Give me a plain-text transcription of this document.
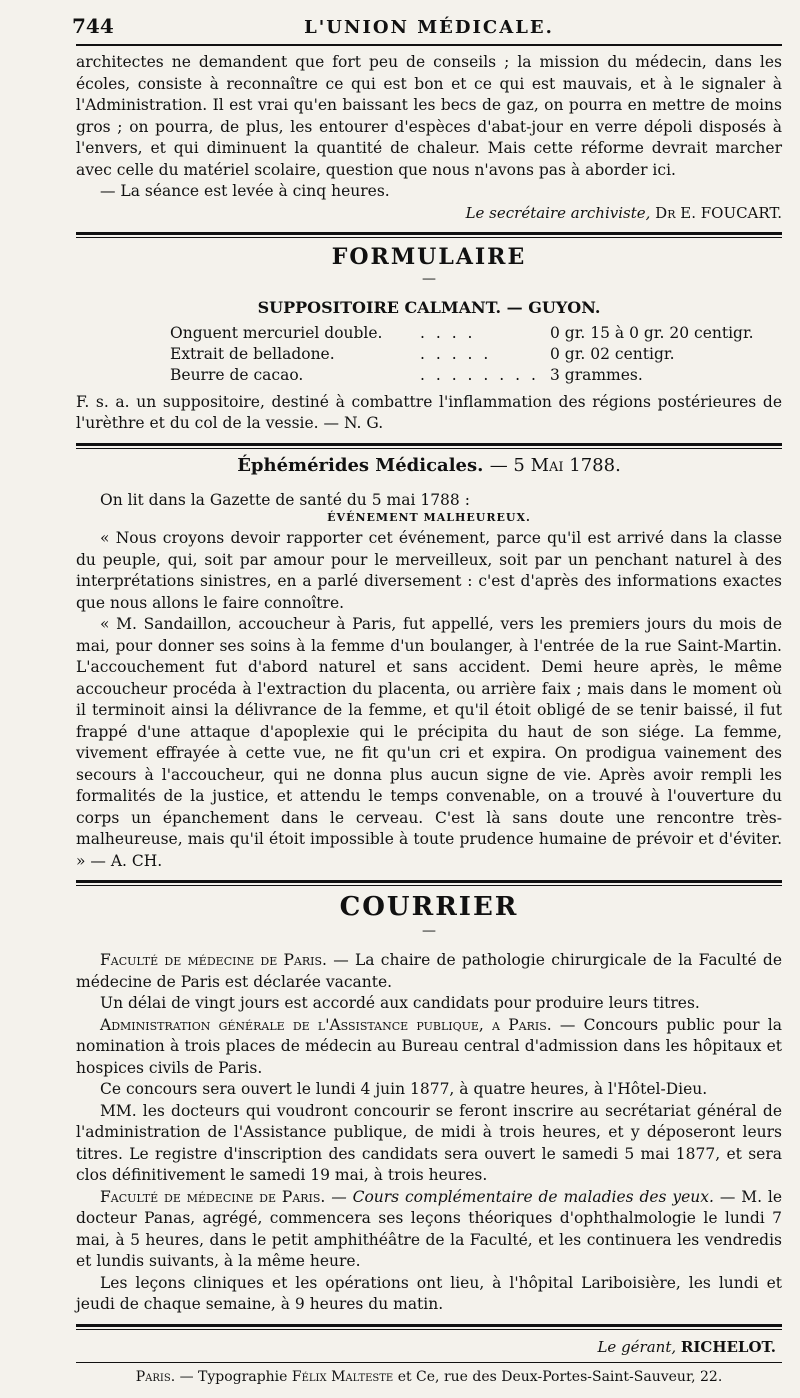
744	L'UNION MÉDICALE.

architectes ne demandent que fort peu de conseils ; la mission du médecin, dans les écoles, consiste à reconnaître ce qui est bon et ce qui est mauvais, et à le signaler à l'Administration. Il est vrai qu'en baissant les becs de gaz, on pourra en mettre de moins gros ; on pourra, de plus, les entourer d'espèces d'abat-jour en verre dépoli disposés à l'envers, et qui diminuent la quantité de chaleur. Mais cette réforme devrait marcher avec celle du matériel scolaire, question que nous n'avons pas à aborder ici.

— La séance est levée à cinq heures.

Le secrétaire archiviste, Dr E. FOUCART.
FORMULAIRE
—
SUPPOSITOIRE CALMANT. — GUYON.
Onguent mercuriel double.	. . . .	0 gr. 15 à 0 gr. 20 centigr.
Extrait de belladone.	. . . . .	0 gr. 02 centigr.
Beurre de cacao.	. . . . . . . . 3 grammes.

F. s. a. un suppositoire, destiné à combattre l'inflammation des régions postérieures de l'urèthre et du col de la vessie. — N. G.

Éphémérides Médicales. — 5 Mai 1788.

On lit dans la Gazette de santé du 5 mai 1788 :

ÉVÉNEMENT MALHEUREUX.

« Nous croyons devoir rapporter cet événement, parce qu'il est arrivé dans la classe du peuple, qui, soit par amour pour le merveilleux, soit par un penchant naturel à des interprétations sinistres, en a parlé diversement : c'est d'après des informations exactes que nous allons le faire connoître.

« M. Sandaillon, accoucheur à Paris, fut appellé, vers les premiers jours du mois de mai, pour donner ses soins à la femme d'un boulanger, à l'entrée de la rue Saint-Martin. L'accouchement fut d'abord naturel et sans accident. Demi heure après, le même accoucheur procéda à l'extraction du placenta, ou arrière faix ; mais dans le moment où il terminoit ainsi la délivrance de la femme, et qu'il étoit obligé de se tenir baissé, il fut frappé d'une attaque d'apoplexie qui le précipita du haut de son siége. La femme, vivement effrayée à cette vue, ne fit qu'un cri et expira. On prodigua vainement des secours à l'accoucheur, qui ne donna plus aucun signe de vie. Après avoir rempli les formalités de la justice, et attendu le temps convenable, on a trouvé à l'ouverture du corps un épanchement dans le cerveau. C'est là sans doute une rencontre très-malheureuse, mais qu'il étoit impossible à toute prudence humaine de prévoir et d'éviter. » — A. CH.

COURRIER
—

Faculté de médecine de Paris. — La chaire de pathologie chirurgicale de la Faculté de médecine de Paris est déclarée vacante.

Un délai de vingt jours est accordé aux candidats pour produire leurs titres.

Administration générale de l'Assistance publique, a Paris. — Concours public pour la nomination à trois places de médecin au Bureau central d'admission dans les hôpitaux et hospices civils de Paris.

Ce concours sera ouvert le lundi 4 juin 1877, à quatre heures, à l'Hôtel-Dieu.

MM. les docteurs qui voudront concourir se feront inscrire au secrétariat général de l'administration de l'Assistance publique, de midi à trois heures, et y déposeront leurs titres. Le registre d'inscription des candidats sera ouvert le samedi 5 mai 1877, et sera clos définitivement le samedi 19 mai, à trois heures.

Faculté de médecine de Paris. — Cours complémentaire de maladies des yeux. — M. le docteur Panas, agrégé, commencera ses leçons théoriques d'ophthalmologie le lundi 7 mai, à 5 heures, dans le petit amphithéâtre de la Faculté, et les continuera les vendredis et lundis suivants, à la même heure.

Les leçons cliniques et les opérations ont lieu, à l'hôpital Lariboisière, les lundi et jeudi de chaque semaine, à 9 heures du matin.

Le gérant, RICHELOT.
Paris. — Typographie Félix Malteste et Ce, rue des Deux-Portes-Saint-Sauveur, 22.
